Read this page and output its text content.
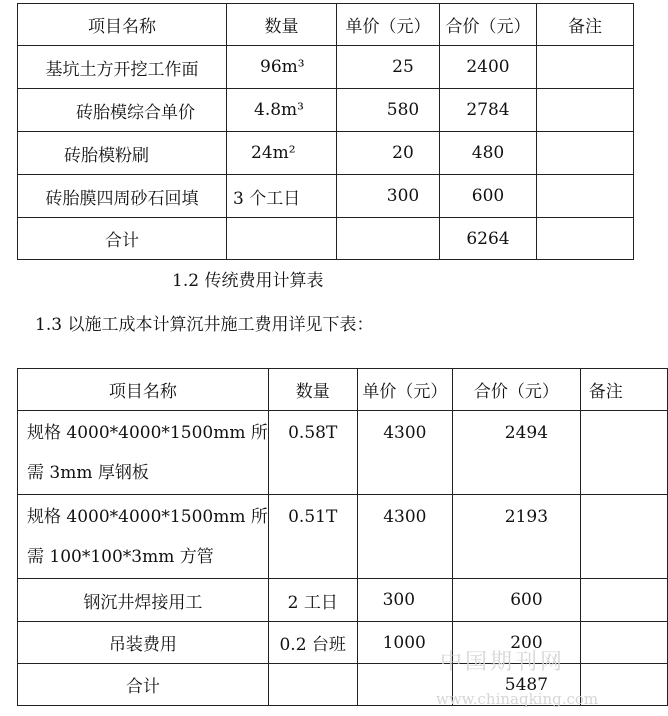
项目名称	数量	单价（元）	合价（元）	备注
基坑土方开挖工作面	96m³	25	2400	
砖胎模综合单价	4.8m³	580	2784	
砖胎模粉刷	24m²	20	480	
砖胎膜四周砂石回填	3 个工日	300	600	
合计			6264	
1.2 传统费用计算表
1.3 以施工成本计算沉井施工费用详见下表：
项目名称	数量	单价（元）	合价（元）	备注

规格 4000*4000*1500mm 所
需 3mm 厚钢板	0.58T	4300	2494	

规格 4000*4000*1500mm 所
需 100*100*3mm 方管	0.51T	4300	2193	
钢沉井焊接用工	2 工日	300	600	
吊装费用	0.2 台班	1000	200	
合计			5487	
中国期刊网
www.chinaqking.com
